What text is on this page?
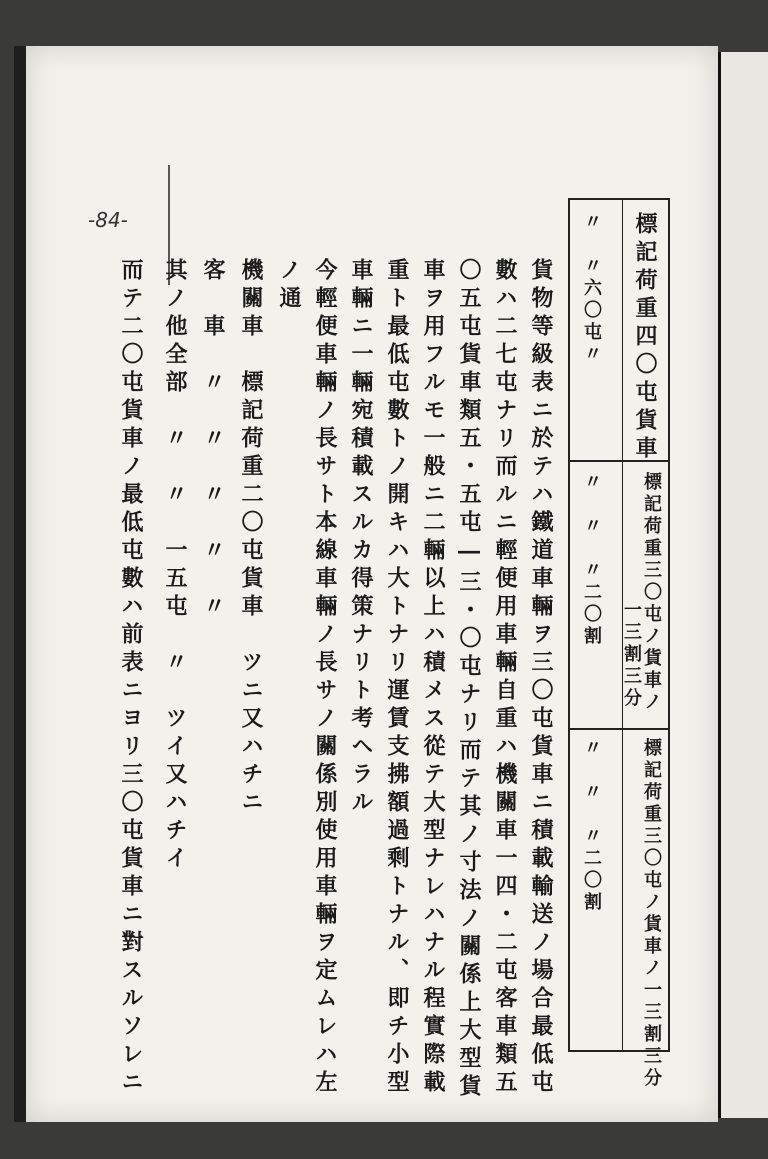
-84-	標記荷重四〇屯貨車
〃　〃六〇屯〃
標記荷重三〇屯ノ貨車ノ
一三割三分
〃　〃　〃二〇割
標記荷重三〇屯ノ貨車ノ一三割三分
〃　〃　〃二〇割
貨物等級表ニ於テハ鐵道車輛ヲ三〇屯貨車ニ積載輸送ノ場合最低屯
數ハ二七屯ナリ而ルニ輕便用車輛自重ハ機關車一四・二屯客車類五
〇五屯貨車類五・五屯―三・〇屯ナリ而テ其ノ寸法ノ關係上大型貨
車ヲ用フルモ一般ニ二輛以上ハ積メス從テ大型ナレハナル程實際載
重ト最低屯數トノ開キハ大トナリ運賃支拂額過剩トナル、即チ小型
車輛ニ一輛宛積載スルカ得策ナリト考ヘラル
今輕便車輛ノ長サト本線車輛ノ長サノ關係別使用車輛ヲ定ムレハ左
ノ通
機關車　標記荷重二〇屯貨車　ツニ又ハチニ
客　車　〃　〃　〃　〃　〃
其ノ他全部　〃　〃　一五屯　〃　ツイ又ハチイ
而テ二〇屯貨車ノ最低屯數ハ前表ニヨリ三〇屯貨車ニ對スルソレニ
